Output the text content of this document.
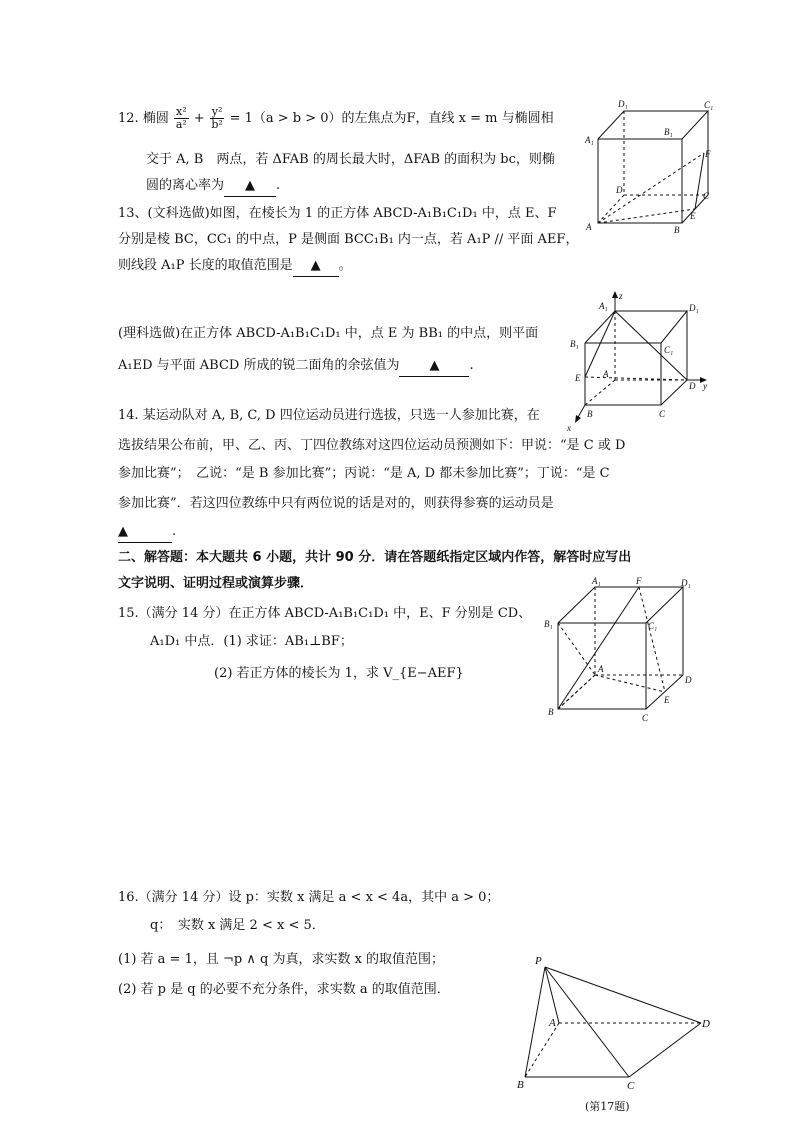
12. 椭圆 $\frac{\text{x²}}{\text{a²}} + \frac{\text{y²}}{\text{b²}} = 1(a > b > 0)$的左焦点为F，直线 x = m 与椭圆相
交于 A, B　两点，若 ΔFAB 的周长最大时，ΔFAB 的面积为 bc，则椭
圆的离心率为 ▲ .
13、(文科选做)如图，在棱长为 1 的正方体 ABCD-A₁B₁C₁D₁ 中，点 E、F
分别是棱 BC，CC₁ 的中点，P 是侧面 BCC₁B₁ 内一点，若 A₁P // 平面 AEF，
则线段 A₁P 长度的取值范围是 ▲ 。
(理科选做)在正方体 ABCD-A₁B₁C₁D₁ 中，点 E 为 BB₁ 的中点，则平面
A₁ED 与平面 ABCD 所成的锐二面角的余弦值为 ▲ .
14. 某运动队对 A, B, C, D 四位运动员进行选拔，只选一人参加比赛，在
选拔结果公布前，甲、乙、丙、丁四位教练对这四位运动员预测如下：甲说：“是 C 或 D
参加比赛”；　乙说：“是 B 参加比赛”；丙说：“是 A, D 都未参加比赛”；丁说：“是 C
参加比赛”．若这四位教练中只有两位说的话是对的，则获得参赛的运动员是
▲	.
二、解答题：本大题共 6 小题，共计 90 分．请在答题纸指定区域内作答，解答时应写出
文字说明、证明过程或演算步骤．
15.（满分 14 分）在正方体 ABCD-A₁B₁C₁D₁ 中，E、F 分别是 CD、
A₁D₁ 中点．(1) 求证：AB₁⊥BF；
(2) 若正方体的棱长为 1，求 V_{E−AEF}
16.（满分 14 分）设 p：实数 x 满足 a < x < 4a，其中 a > 0；
q：　实数 x 满足 2 < x < 5．
(1) 若 a = 1，且 ¬p ∧ q 为真，求实数 x 的取值范围；
(2) 若 p 是 q 的必要不充分条件，求实数 a 的取值范围．
D₁	C₁
A₁
B₁
F
D
C
A
E
B
A₁
z
D₁
B₁
C₁
E	A
D y
B	C
x
A₁	F	D₁
B₁	C₁
A
D
E
B
C
P
A	D
B	C
(第17题)
